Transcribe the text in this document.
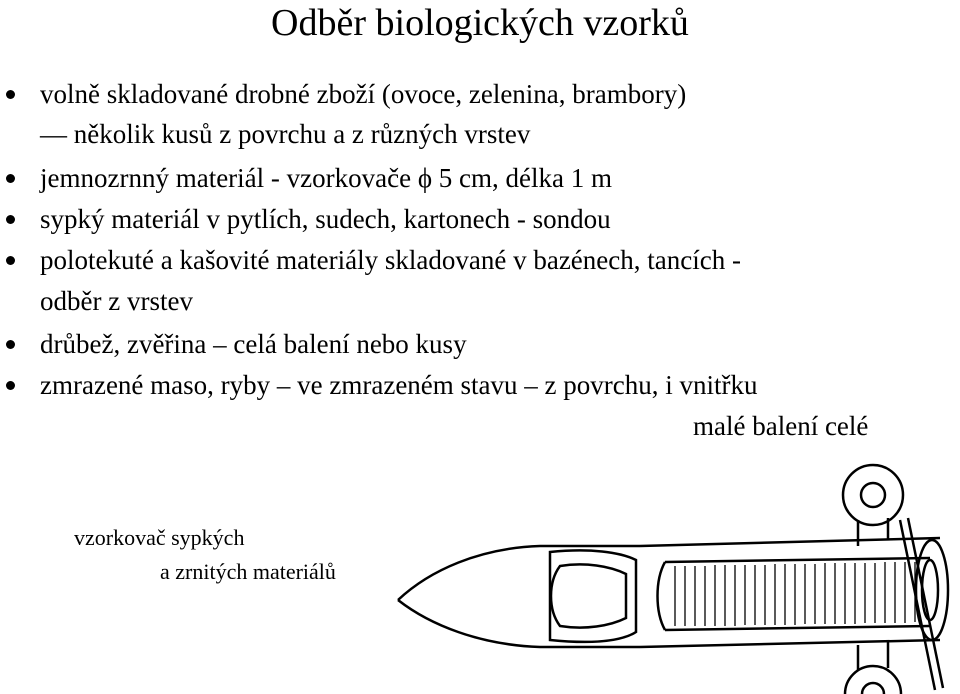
Odběr biologických vzorků
volně skladované drobné zboží (ovoce, zelenina, brambory)
— několik kusů z povrchu a z různých vrstev
jemnozrnný materiál - vzorkovače ϕ 5 cm, délka 1 m
sypký materiál v pytlích, sudech, kartonech - sondou
polotekuté a kašovité materiály skladované v bazénech, tancích -
odběr z vrstev
drůbež, zvěřina – celá balení nebo kusy
zmrazené maso, ryby – ve zmrazeném stavu – z povrchu, i vnitřku
malé balení celé
vzorkovač sypkých
a zrnitých materiálů
